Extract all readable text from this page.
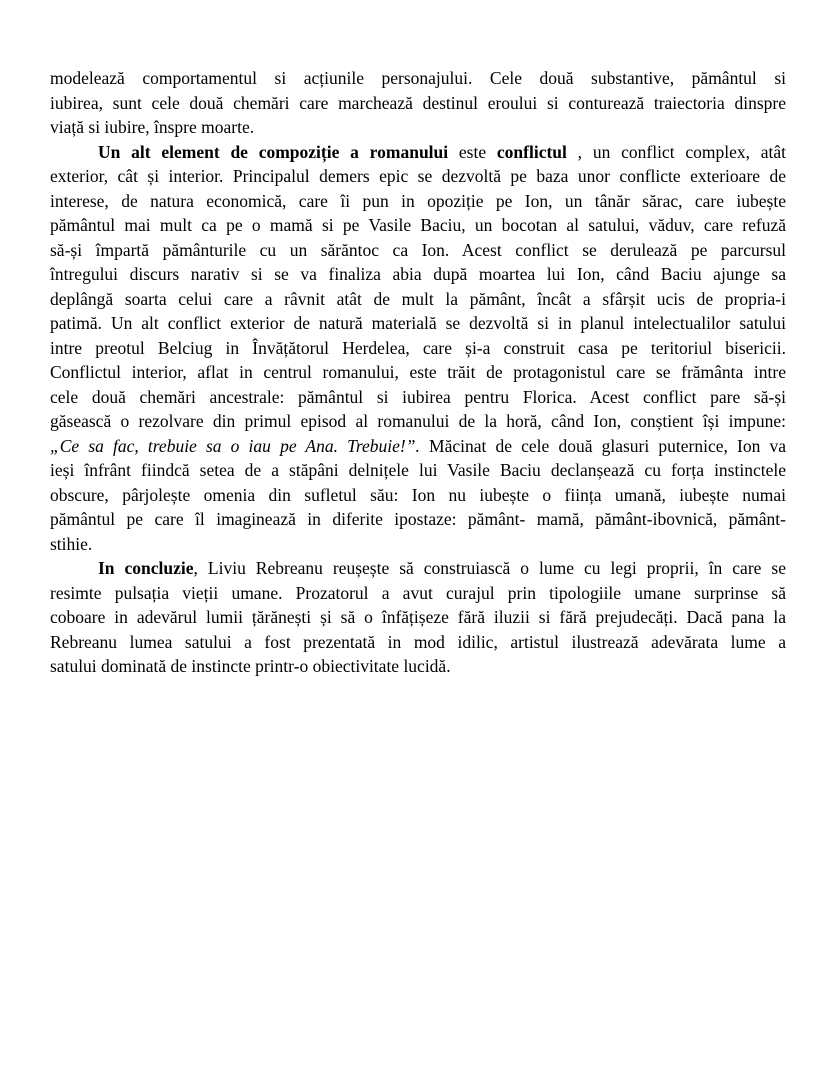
modelează comportamentul si acțiunile personajului. Cele două substantive, pământul si
iubirea, sunt cele două chemări care marchează destinul eroului si conturează traiectoria dinspre
viață si iubire, înspre moarte.
Un alt element de compoziție a romanului este conflictul , un conflict complex, atât
exterior, cât și interior. Principalul demers epic se dezvoltă pe baza unor conflicte exterioare de
interese, de natura economică, care îi pun in opoziție pe Ion, un tânăr sărac, care iubește
pământul mai mult ca pe o mamă si pe Vasile Baciu, un bocotan al satului, văduv, care refuză
să-și împartă pământurile cu un sărăntoc ca Ion. Acest conflict se derulează pe parcursul
întregului discurs narativ si se va finaliza abia după moartea lui Ion, când Baciu ajunge sa
deplângă soarta celui care a râvnit atât de mult la pământ, încât a sfârșit ucis de propria-i
patimă. Un alt conflict exterior de natură materială se dezvoltă si in planul intelectualilor satului
intre preotul Belciug in Învățătorul Herdelea, care și-a construit casa pe teritoriul bisericii.
Conflictul interior, aflat in centrul romanului, este trăit de protagonistul care se frământa intre
cele două chemări ancestrale: pământul si iubirea pentru Florica. Acest conflict pare să-și
găsească o rezolvare din primul episod al romanului de la horă, când Ion, conștient își impune:
„Ce sa fac, trebuie sa o iau pe Ana. Trebuie!”. Măcinat de cele două glasuri puternice, Ion va
ieși înfrânt fiindcă setea de a stăpâni delnițele lui Vasile Baciu declanșează cu forța instinctele
obscure, pârjolește omenia din sufletul său: Ion nu iubește o ființa umană, iubește numai
pământul pe care îl imaginează in diferite ipostaze: pământ- mamă, pământ-ibovnică, pământ-
stihie.
In concluzie, Liviu Rebreanu reușește să construiască o lume cu legi proprii, în care se
resimte pulsația vieții umane. Prozatorul a avut curajul prin tipologiile umane surprinse să
coboare in adevărul lumii țărănești și să o înfățișeze fără iluzii si fără prejudecăți. Dacă pana la
Rebreanu lumea satului a fost prezentată in mod idilic, artistul ilustrează adevărata lume a
satului dominată de instincte printr-o obiectivitate lucidă.
